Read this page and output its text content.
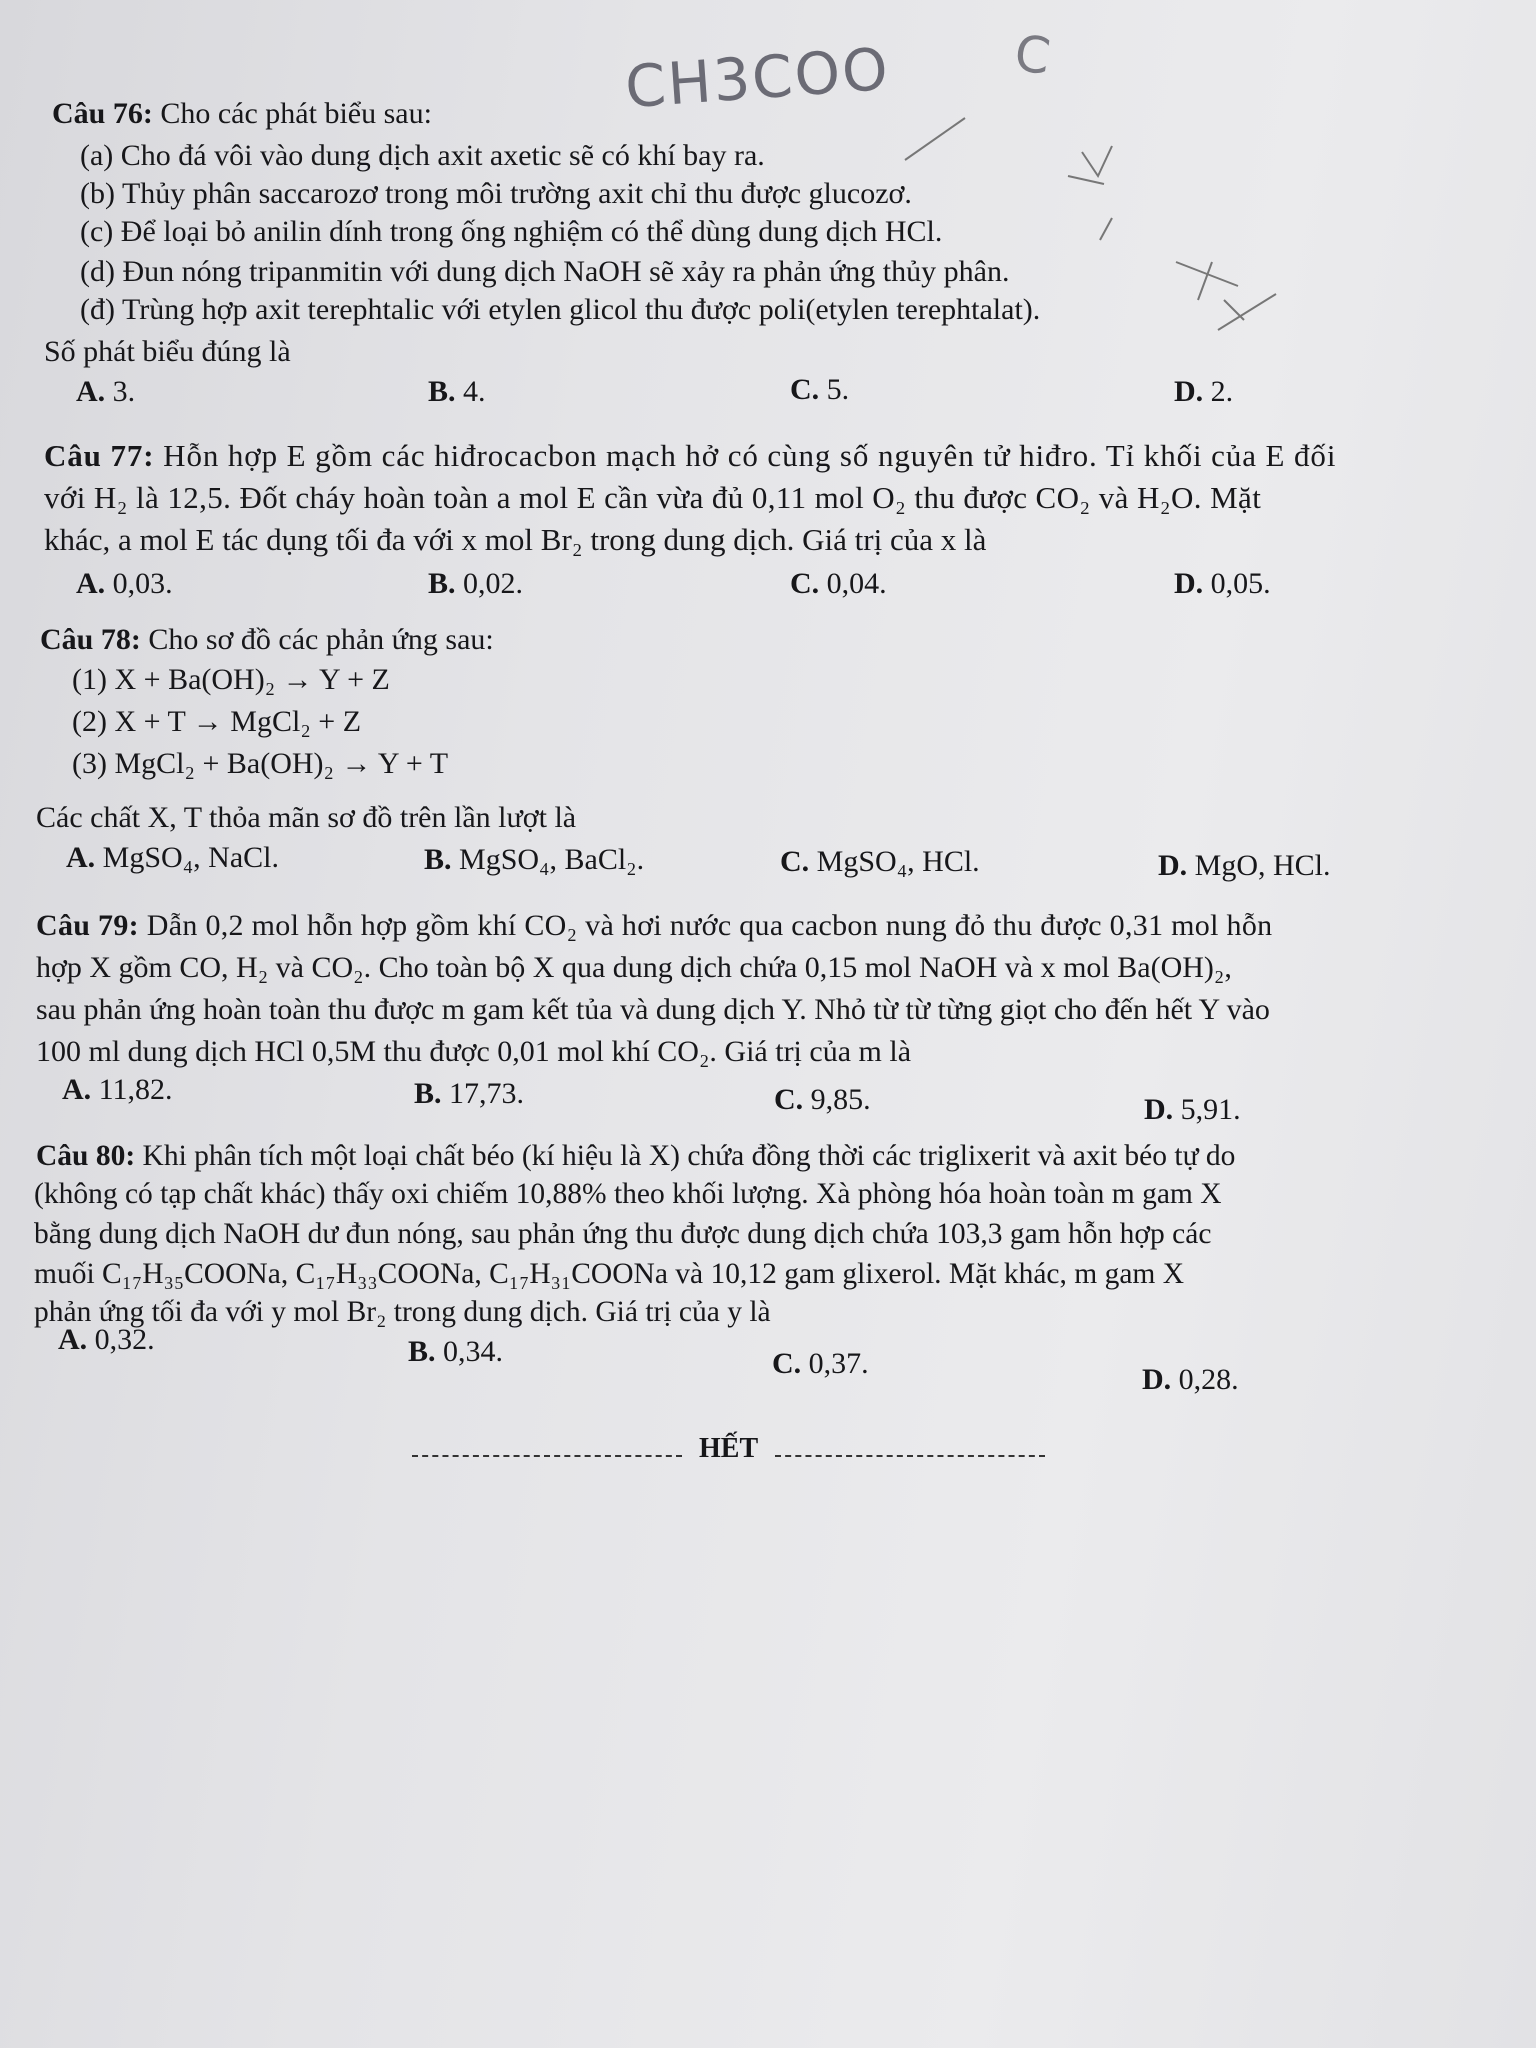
CH3COO C
Câu 76: Cho các phát biểu sau:
(a) Cho đá vôi vào dung dịch axit axetic sẽ có khí bay ra.
(b) Thủy phân saccarozơ trong môi trường axit chỉ thu được glucozơ.
(c) Để loại bỏ anilin dính trong ống nghiệm có thể dùng dung dịch HCl.
(d) Đun nóng tripanmitin với dung dịch NaOH sẽ xảy ra phản ứng thủy phân.
(đ) Trùng hợp axit terephtalic với etylen glicol thu được poli(etylen terephtalat).
Số phát biểu đúng là
A. 3.	B. 4.	C. 5.	D. 2.
Câu 77: Hỗn hợp E gồm các hiđrocacbon mạch hở có cùng số nguyên tử hiđro. Tỉ khối của E đối
với H₂ là 12,5. Đốt cháy hoàn toàn a mol E cần vừa đủ 0,11 mol O₂ thu được CO₂ và H₂O. Mặt
khác, a mol E tác dụng tối đa với x mol Br₂ trong dung dịch. Giá trị của x là
A. 0,03.	B. 0,02.	C. 0,04.	D. 0,05.
Câu 78: Cho sơ đồ các phản ứng sau:
(1) X + Ba(OH)₂ → Y + Z
(2) X + T → MgCl₂ + Z
(3) MgCl₂ + Ba(OH)₂ → Y + T
Các chất X, T thỏa mãn sơ đồ trên lần lượt là
A. MgSO₄, NaCl.	B. MgSO₄, BaCl₂.	C. MgSO₄, HCl.	D. MgO, HCl.
Câu 79: Dẫn 0,2 mol hỗn hợp gồm khí CO₂ và hơi nước qua cacbon nung đỏ thu được 0,31 mol hỗn
hợp X gồm CO, H₂ và CO₂. Cho toàn bộ X qua dung dịch chứa 0,15 mol NaOH và x mol Ba(OH)₂,
sau phản ứng hoàn toàn thu được m gam kết tủa và dung dịch Y. Nhỏ từ từ từng giọt cho đến hết Y vào
100 ml dung dịch HCl 0,5M thu được 0,01 mol khí CO₂. Giá trị của m là
A. 11,82.	B. 17,73.	C. 9,85.	D. 5,91.
Câu 80: Khi phân tích một loại chất béo (kí hiệu là X) chứa đồng thời các triglixerit và axit béo tự do
(không có tạp chất khác) thấy oxi chiếm 10,88% theo khối lượng. Xà phòng hóa hoàn toàn m gam X
bằng dung dịch NaOH dư đun nóng, sau phản ứng thu được dung dịch chứa 103,3 gam hỗn hợp các
muối C₁₇H₃₅COONa, C₁₇H₃₃COONa, C₁₇H₃₁COONa và 10,12 gam glixerol. Mặt khác, m gam X
phản ứng tối đa với y mol Br₂ trong dung dịch. Giá trị của y là
A. 0,32.	B. 0,34.	C. 0,37.	D. 0,28.
HẾT
